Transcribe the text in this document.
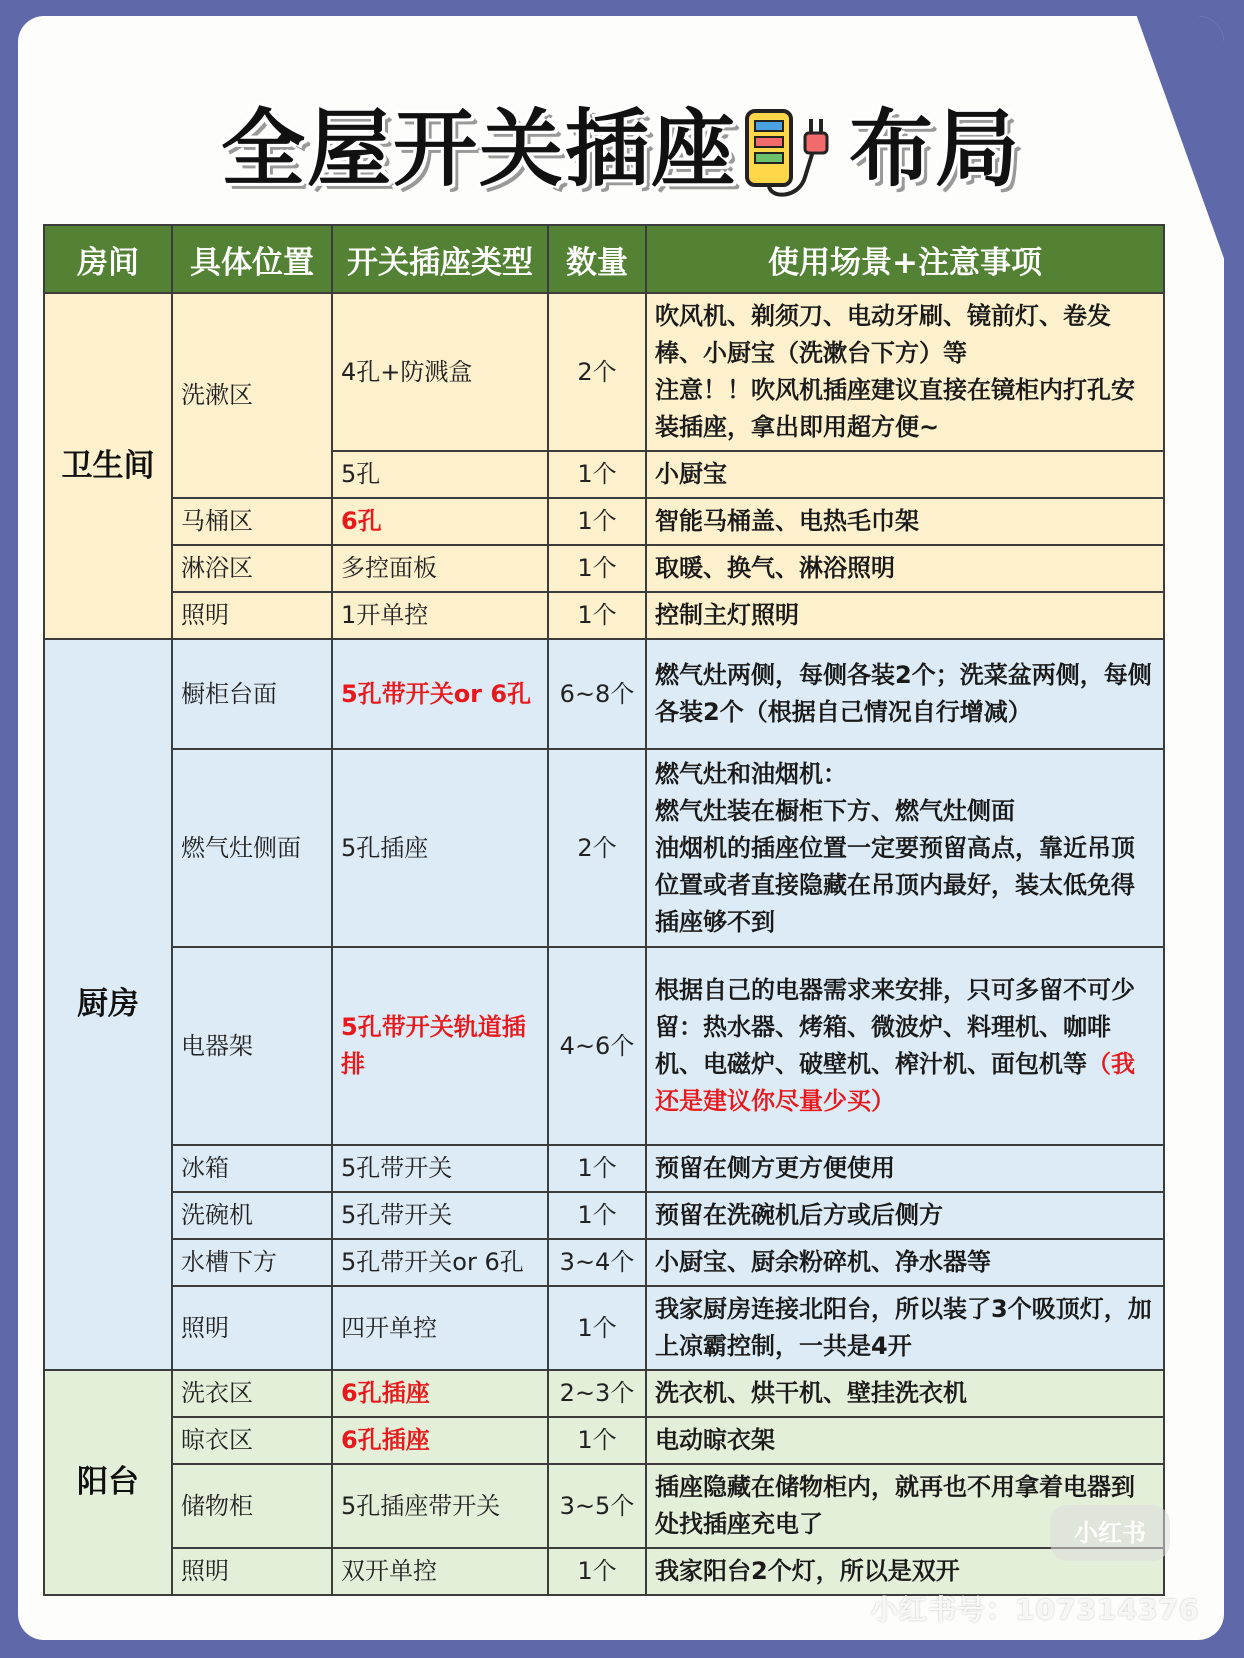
全屋开关插座 布局
房间	具体位置	开关插座类型	数量	使用场景+注意事项
卫生间	洗漱区	4孔+防溅盒	2个	吹风机、剃须刀、电动牙刷、镜前灯、卷发棒、小厨宝（洗漱台下方）等
注意！！吹风机插座建议直接在镜柜内打孔安装插座，拿出即用超方便~
		5孔	1个	小厨宝
	马桶区	6孔	1个	智能马桶盖、电热毛巾架
	淋浴区	多控面板	1个	取暖、换气、淋浴照明
	照明	1开单控	1个	控制主灯照明
厨房	橱柜台面	5孔带开关or 6孔	6~8个	燃气灶两侧，每侧各装2个；洗菜盆两侧，每侧各装2个（根据自己情况自行增减）
	燃气灶侧面	5孔插座	2个	燃气灶和油烟机：
燃气灶装在橱柜下方、燃气灶侧面
油烟机的插座位置一定要预留高点，靠近吊顶位置或者直接隐藏在吊顶内最好，装太低免得插座够不到
	电器架	5孔带开关轨道插排	4~6个	根据自己的电器需求来安排，只可多留不可少留：热水器、烤箱、微波炉、料理机、咖啡机、电磁炉、破壁机、榨汁机、面包机等（我还是建议你尽量少买）
	冰箱	5孔带开关	1个	预留在侧方更方便使用
	洗碗机	5孔带开关	1个	预留在洗碗机后方或后侧方
	水槽下方	5孔带开关or 6孔	3~4个	小厨宝、厨余粉碎机、净水器等
	照明	四开单控	1个	我家厨房连接北阳台，所以装了3个吸顶灯，加上凉霸控制，一共是4开
阳台	洗衣区	6孔插座	2~3个	洗衣机、烘干机、壁挂洗衣机
	晾衣区	6孔插座	1个	电动晾衣架
	储物柜	5孔插座带开关	3~5个	插座隐藏在储物柜内，就再也不用拿着电器到处找插座充电了
	照明	双开单控	1个	我家阳台2个灯，所以是双开
小红书
小红书号：107314376
